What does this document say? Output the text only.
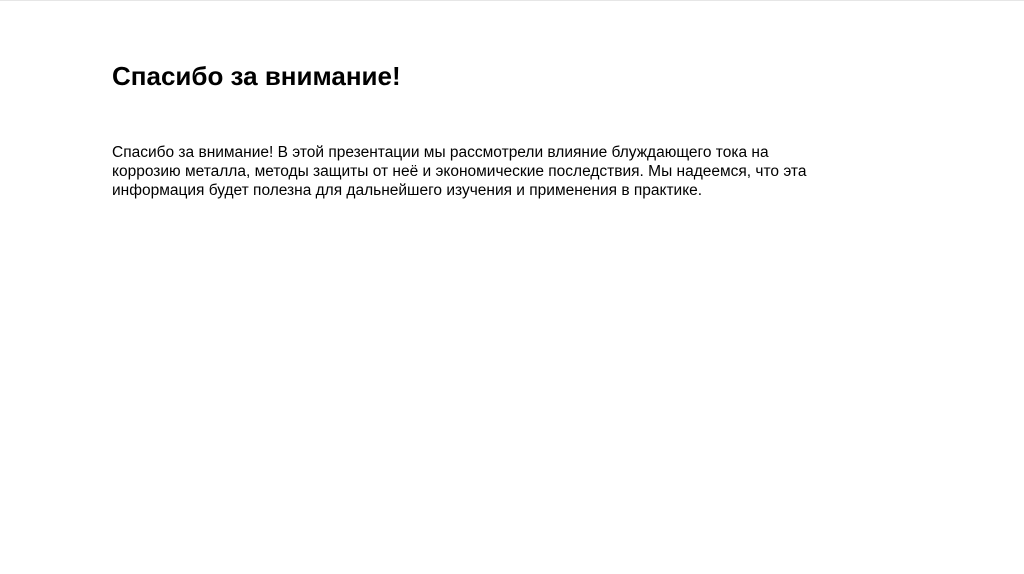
Спасибо за внимание!

Спасибо за внимание! В этой презентации мы рассмотрели влияние блуждающего тока на
коррозию металла, методы защиты от неё и экономические последствия. Мы надеемся, что эта
информация будет полезна для дальнейшего изучения и применения в практике.
